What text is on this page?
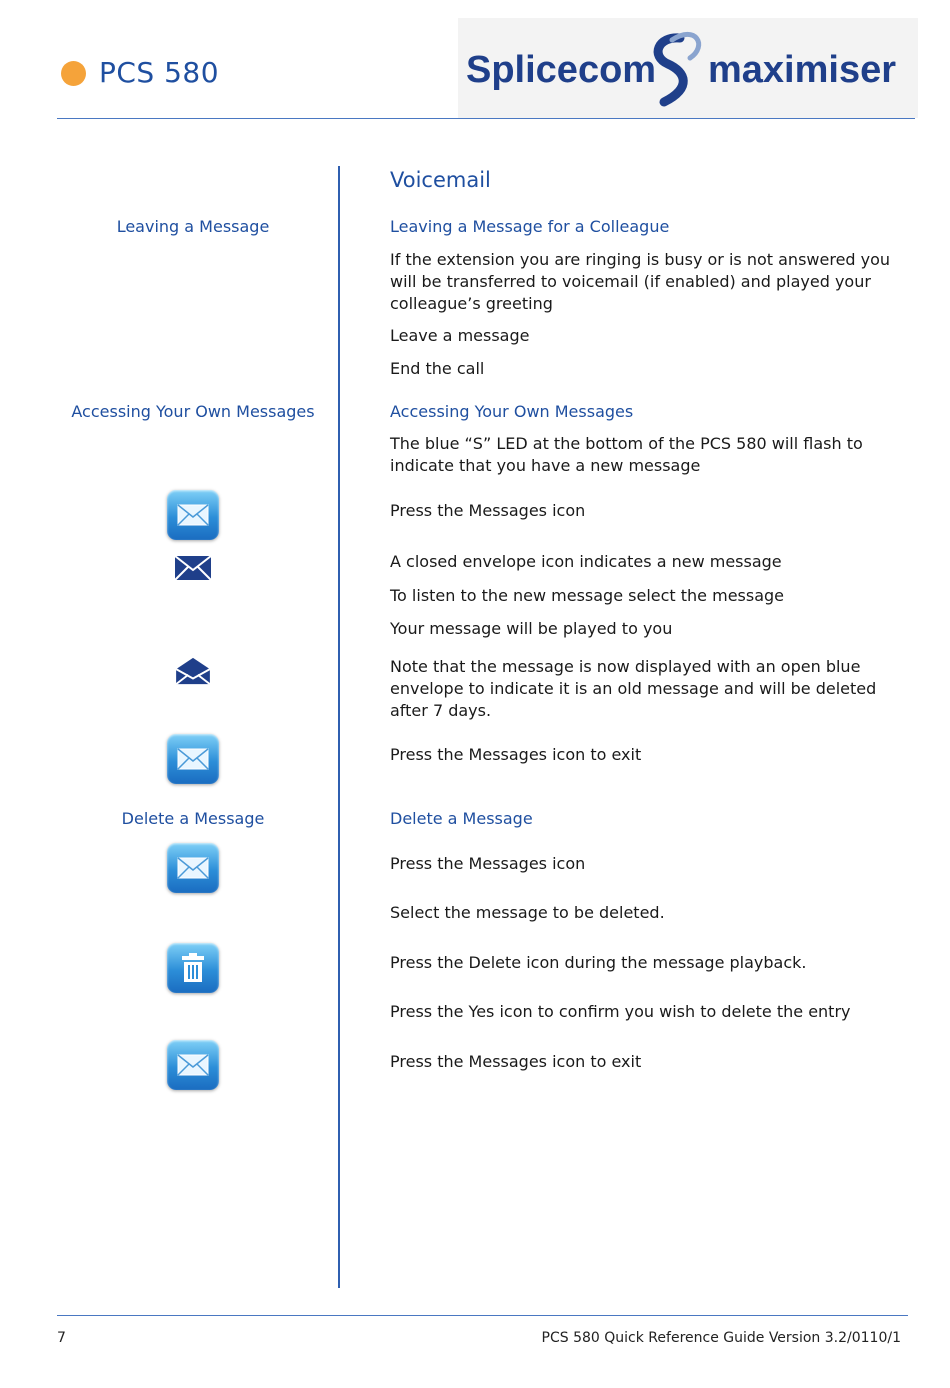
PCS 580	Splicecom maximiser
Voicemail
Leaving a Message	Leaving a Message for a Colleague
If the extension you are ringing is busy or is not answered you will be transferred to voicemail (if enabled) and played your colleague’s greeting
Leave a message
End the call
Accessing Your Own Messages	Accessing Your Own Messages
The blue “S” LED at the bottom of the PCS 580 will flash to indicate that you have a new message
Press the Messages icon
A closed envelope icon indicates a new message
To listen to the new message select the message
Your message will be played to you
Note that the message is now displayed with an open blue envelope to indicate it is an old message and will be deleted after 7 days.
Press the Messages icon to exit
Delete a Message	Delete a Message
Press the Messages icon
Select the message to be deleted.
Press the Delete icon during the message playback.
Press the Yes icon to confirm you wish to delete the entry
Press the Messages icon to exit
7	PCS 580 Quick Reference Guide Version 3.2/0110/1
